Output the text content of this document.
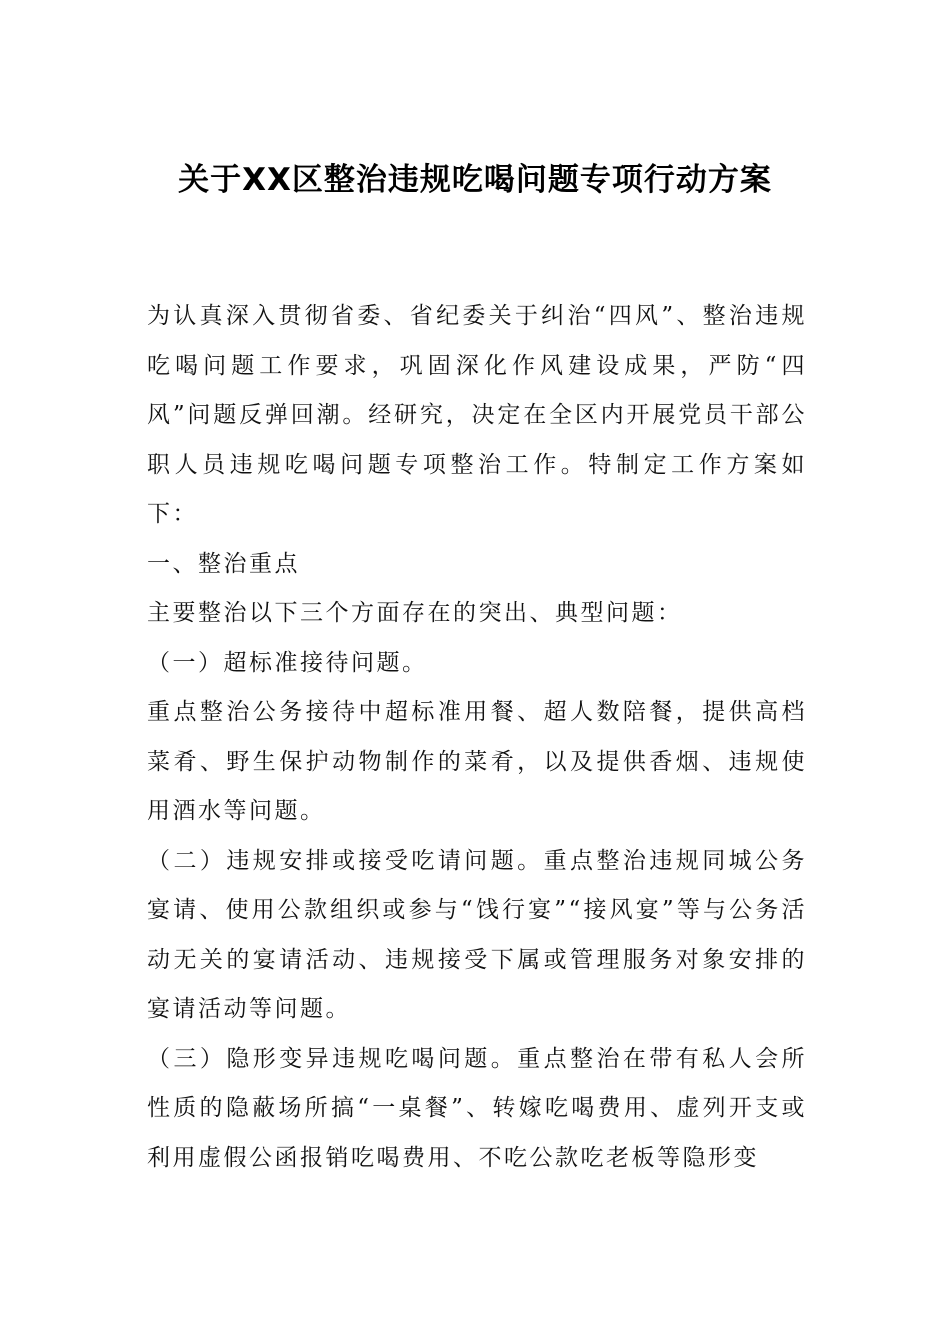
关于XX区整治违规吃喝问题专项行动方案

为认真深入贯彻省委、省纪委关于纠治“四风”、整治违规吃喝问题工作要求，巩固深化作风建设成果，严防“四风”问题反弹回潮。经研究，决定在全区内开展党员干部公职人员违规吃喝问题专项整治工作。特制定工作方案如下：

一、整治重点

主要整治以下三个方面存在的突出、典型问题：

（一）超标准接待问题。

重点整治公务接待中超标准用餐、超人数陪餐，提供高档菜肴、野生保护动物制作的菜肴，以及提供香烟、违规使用酒水等问题。

（二）违规安排或接受吃请问题。重点整治违规同城公务宴请、使用公款组织或参与“饯行宴”“接风宴”等与公务活动无关的宴请活动、违规接受下属或管理服务对象安排的宴请活动等问题。

（三）隐形变异违规吃喝问题。重点整治在带有私人会所性质的隐蔽场所搞“一桌餐”、转嫁吃喝费用、虚列开支或利用虚假公函报销吃喝费用、不吃公款吃老板等隐形变
